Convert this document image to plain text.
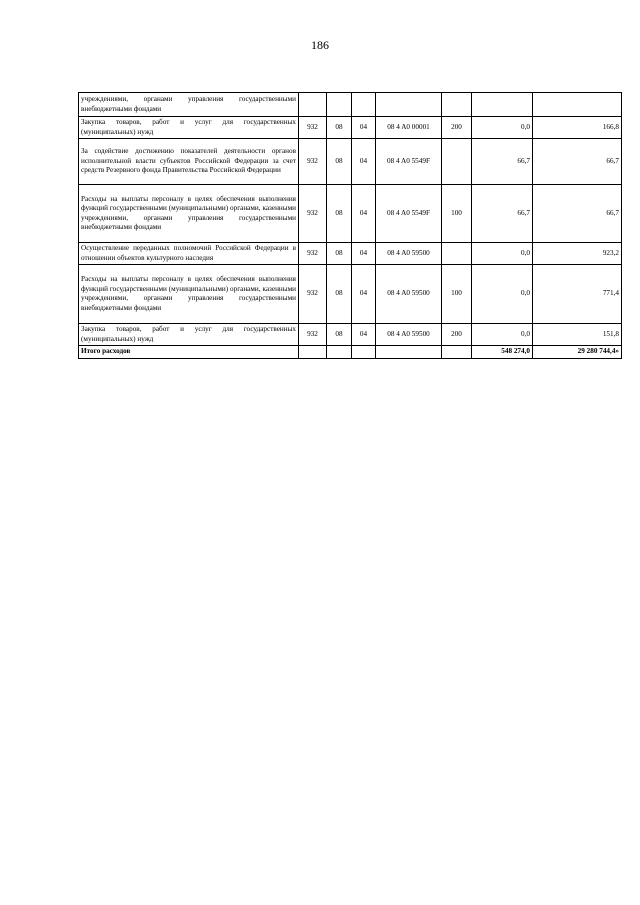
186
учреждениями, органами управления государственными внебюджетными фондами							
Закупка товаров, работ и услуг для государственных (муниципальных) нужд	932	08	04	08 4 A0 00001	200	0,0	166,8
За содействие достижению показателей деятельности органов исполнительной власти субъектов Российской Федерации за счет средств Резервного фонда Правительства Российской Федерации	932	08	04	08 4 A0 5549F		66,7	66,7
Расходы на выплаты персоналу в целях обеспечения выполнения функций государственными (муниципальными) органами, казенными учреждениями, органами управления государственными внебюджетными фондами	932	08	04	08 4 A0 5549F	100	66,7	66,7
Осуществление переданных полномочий Российской Федерации в отношении объектов культурного наследия	932	08	04	08 4 A0 59500		0,0	923,2
Расходы на выплаты персоналу в целях обеспечения выполнения функций государственными (муниципальными) органами, казенными учреждениями, органами управления государственными внебюджетными фондами	932	08	04	08 4 A0 59500	100	0,0	771,4
Закупка товаров, работ и услуг для государственных (муниципальных) нужд	932	08	04	08 4 A0 59500	200	0,0	151,8
Итого расходов						548 274,0	29 280 744,4»
